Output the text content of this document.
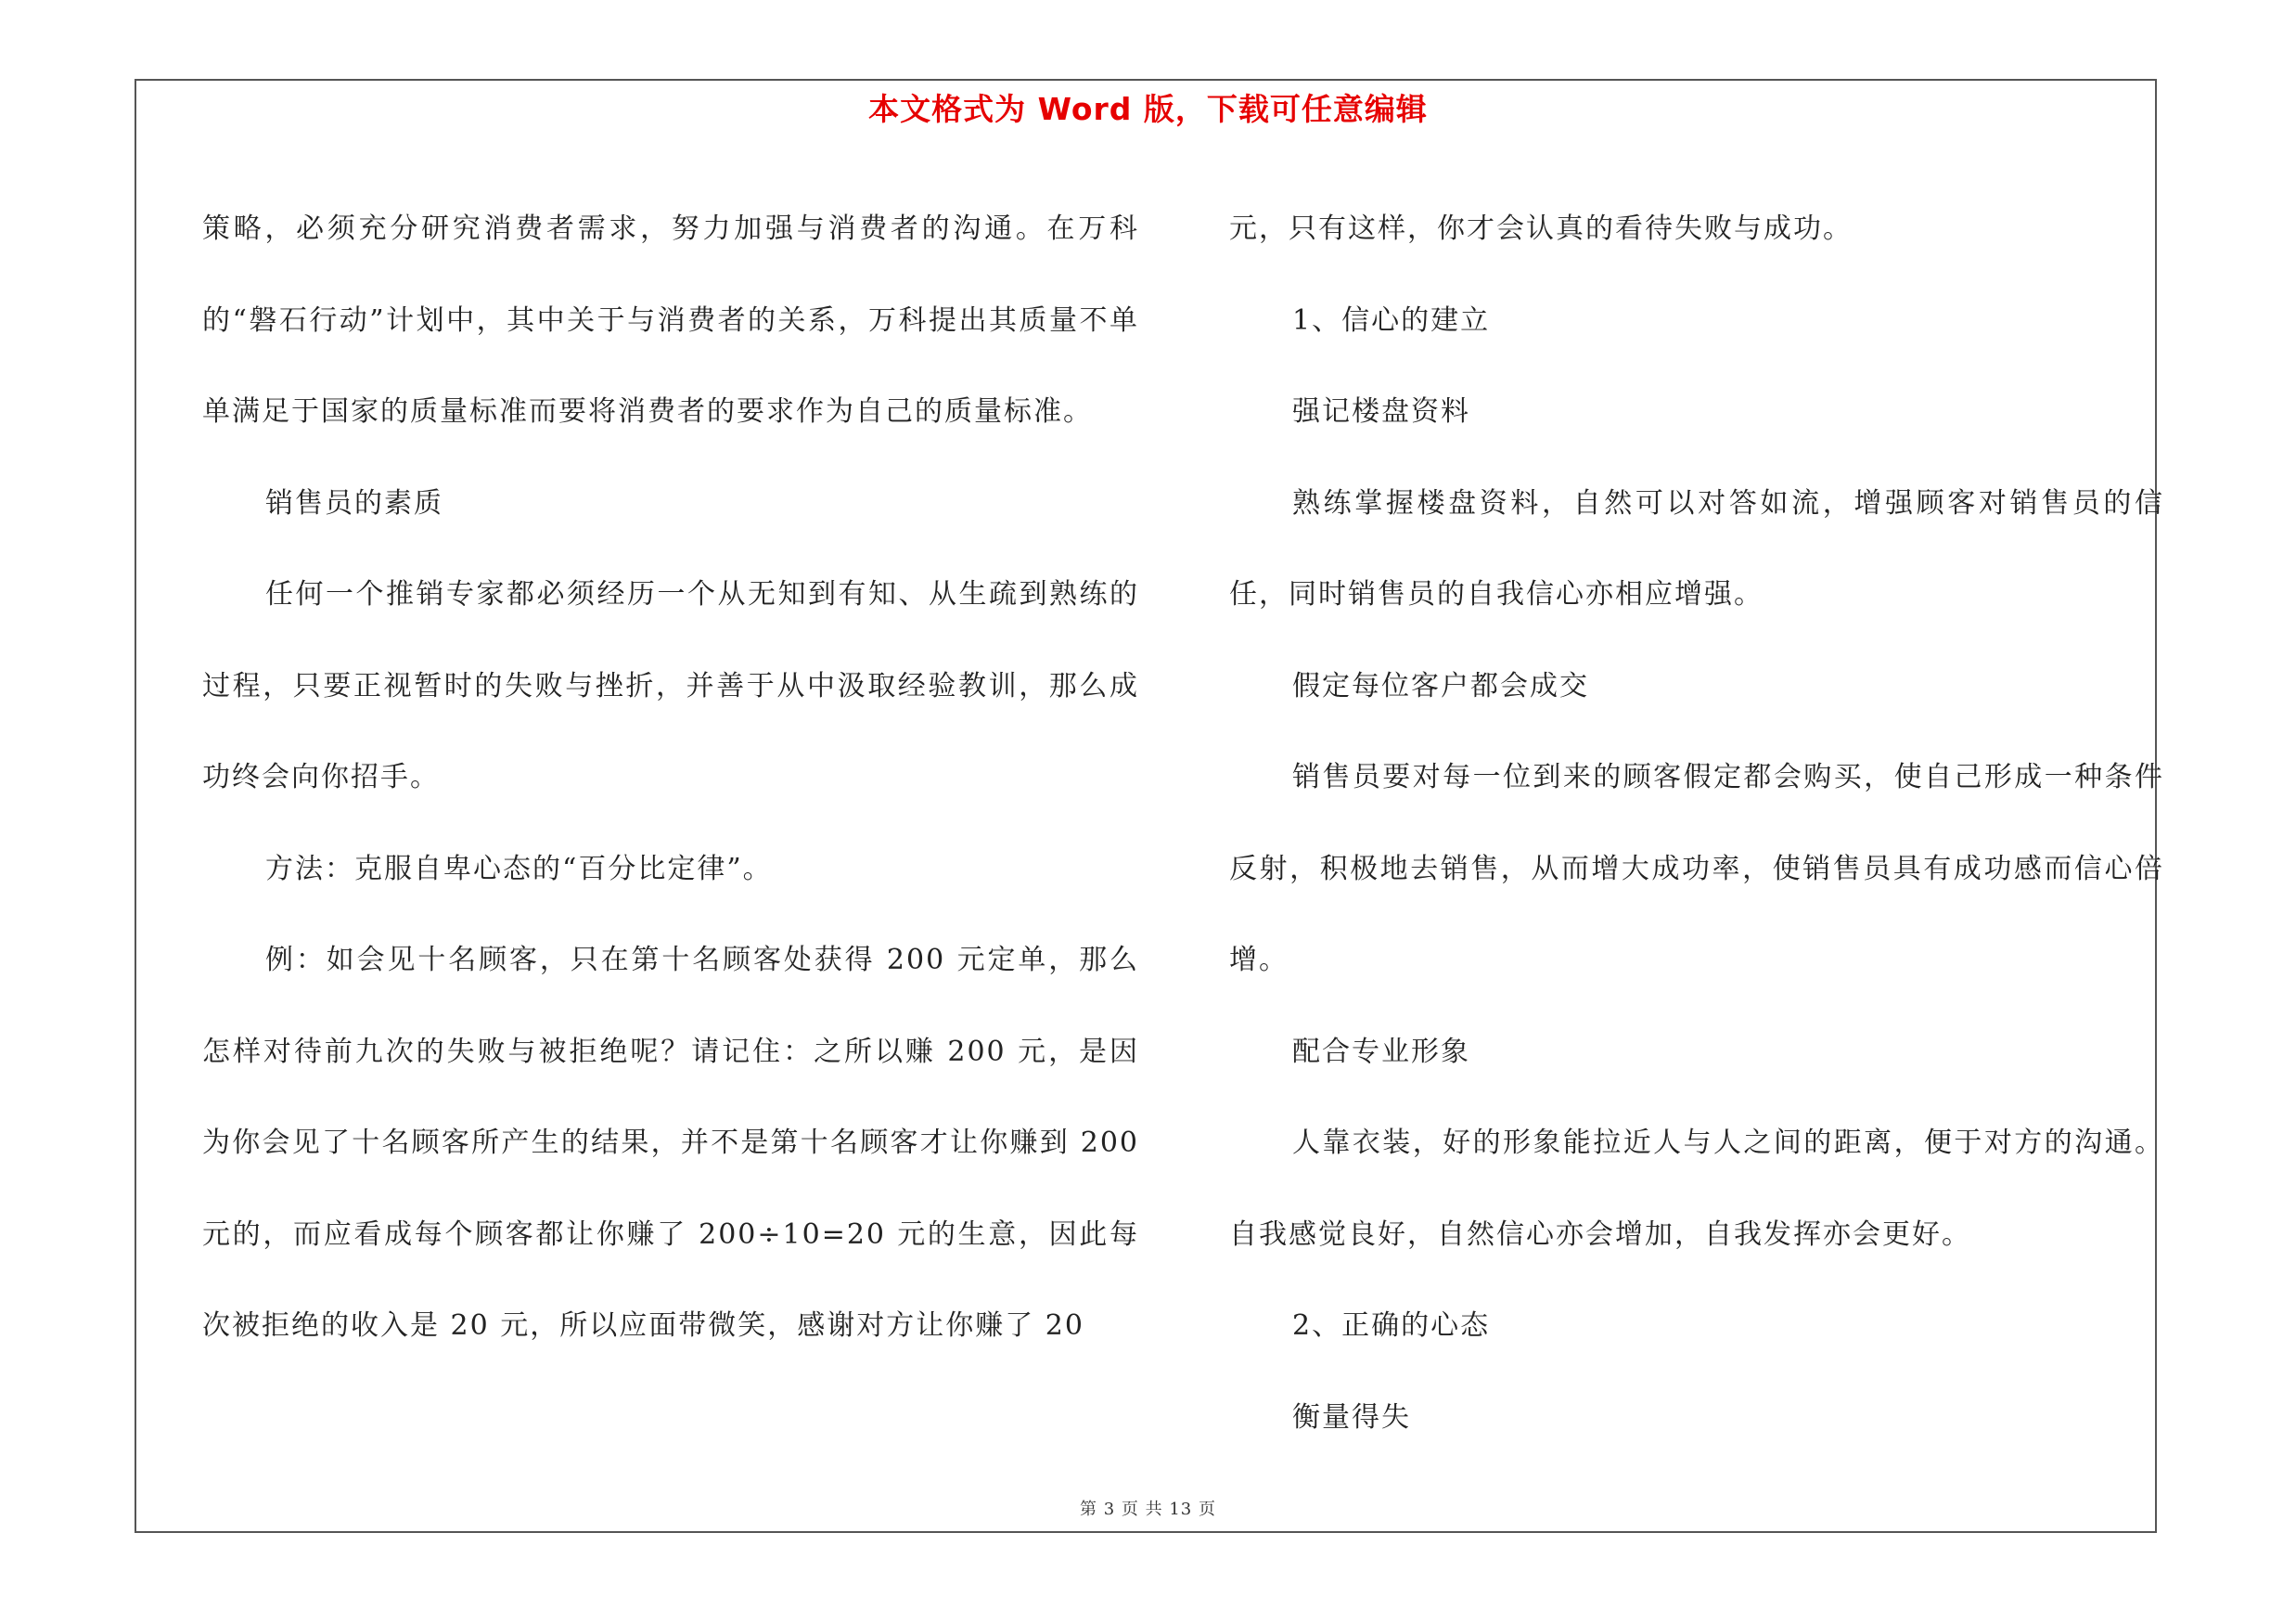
本文格式为 Word 版，下载可任意编辑

策略，必须充分研究消费者需求，努力加强与消费者的沟通。在万科的“磐石行动”计划中，其中关于与消费者的关系，万科提出其质量不单单满足于国家的质量标准而要将消费者的要求作为自己的质量标准。

销售员的素质

任何一个推销专家都必须经历一个从无知到有知、从生疏到熟练的过程，只要正视暂时的失败与挫折，并善于从中汲取经验教训，那么成功终会向你招手。

方法：克服自卑心态的“百分比定律”。

例：如会见十名顾客，只在第十名顾客处获得 200 元定单，那么怎样对待前九次的失败与被拒绝呢？请记住：之所以赚 200 元，是因为你会见了十名顾客所产生的结果，并不是第十名顾客才让你赚到 200 元的，而应看成每个顾客都让你赚了 200÷10=20 元的生意，因此每次被拒绝的收入是 20 元，所以应面带微笑，感谢对方让你赚了 20

元，只有这样，你才会认真的看待失败与成功。

1、信心的建立

强记楼盘资料

熟练掌握楼盘资料，自然可以对答如流，增强顾客对销售员的信任，同时销售员的自我信心亦相应增强。

假定每位客户都会成交

销售员要对每一位到来的顾客假定都会购买，使自己形成一种条件反射，积极地去销售，从而增大成功率，使销售员具有成功感而信心倍增。

配合专业形象

人靠衣装，好的形象能拉近人与人之间的距离，便于对方的沟通。自我感觉良好，自然信心亦会增加，自我发挥亦会更好。

2、正确的心态

衡量得失

第 3 页 共 13 页
